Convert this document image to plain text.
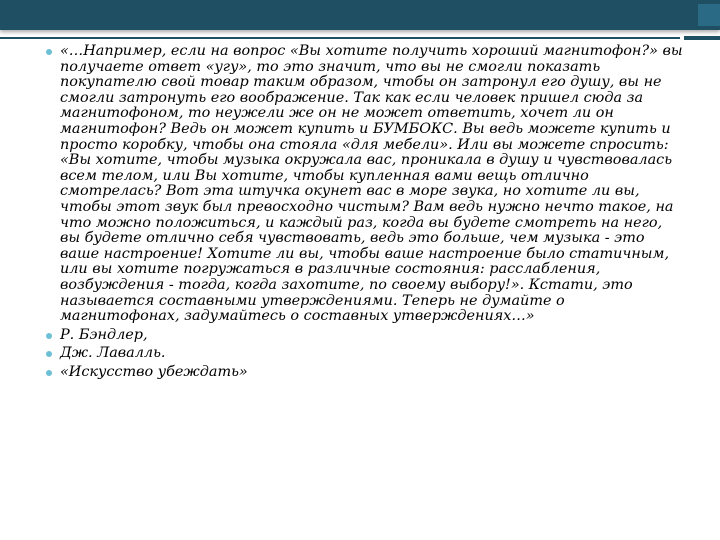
«…Например, если на вопрос «Вы хотите получить хороший магнитофон?» вы получаете ответ «угу», то это значит, что вы не смогли показать покупателю свой товар таким образом, чтобы он затронул его душу, вы не смогли затронуть его воображение. Так как если человек пришел сюда за магнитофоном, то неужели же он не может ответить, хочет ли он магнитофон? Ведь он может купить и БУМБОКС. Вы ведь можете купить и просто коробку, чтобы она стояла «для мебели». Или вы можете спросить: «Вы хотите, чтобы музыка окружала вас, проникала в душу и чувствовалась всем телом, или Вы хотите, чтобы купленная вами вещь отлично смотрелась? Вот эта штучка окунет вас в море звука, но хотите ли вы, чтобы этот звук был превосходно чистым? Вам ведь нужно нечто такое, на что можно положиться, и каждый раз, когда вы будете смотреть на него, вы будете отлично себя чувствовать, ведь это больше, чем музыка - это ваше настроение! Хотите ли вы, чтобы ваше настроение было статичным, или вы хотите погружаться в различные состояния: расслабления, возбуждения - тогда, когда захотите, по своему выбору!». Кстати, это называется составными утверждениями. Теперь не думайте о магнитофонах, задумайтесь о составных утверждениях…»
Р. Бэндлер,
Дж. Лавалль.
«Искусство убеждать»
